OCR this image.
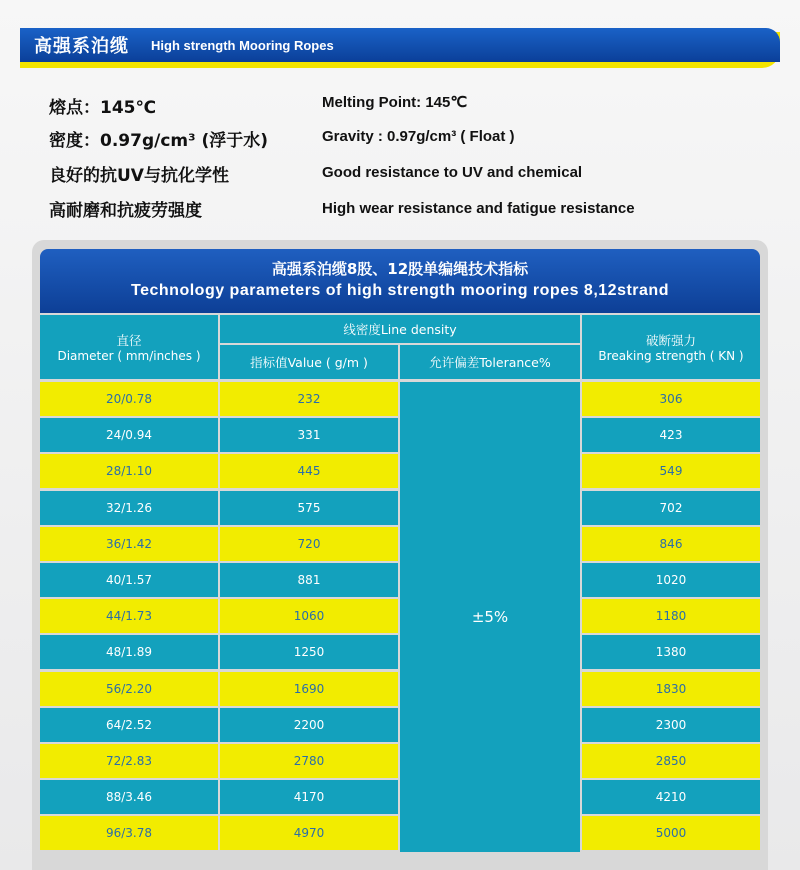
高强系泊缆 High strength Mooring Ropes
熔点：145℃	Melting Point: 145℃
密度：0.97g/cm³ (浮于水)	Gravity : 0.97g/cm³ ( Float )
良好的抗UV与抗化学性	Good resistance to UV and chemical
高耐磨和抗疲劳强度	High wear resistance and fatigue resistance
高强系泊缆8股、12股单编绳技术指标
Technology parameters of high strength mooring ropes 8,12strand
直径
Diameter ( mm/inches )
线密度Line density
指标值Value ( g/m )	允许偏差Tolerance%
破断强力
Breaking strength ( KN )
20/0.78	232	306
24/0.94	331	423
28/1.10	445	549
32/1.26	575	702
36/1.42	720	846
40/1.57	881	1020
44/1.73	1060	1180
48/1.89	1250	1380
56/2.20	1690	1830
64/2.52	2200	2300
72/2.83	2780	2850
88/3.46	4170	4210
96/3.78	4970	5000
±5%
